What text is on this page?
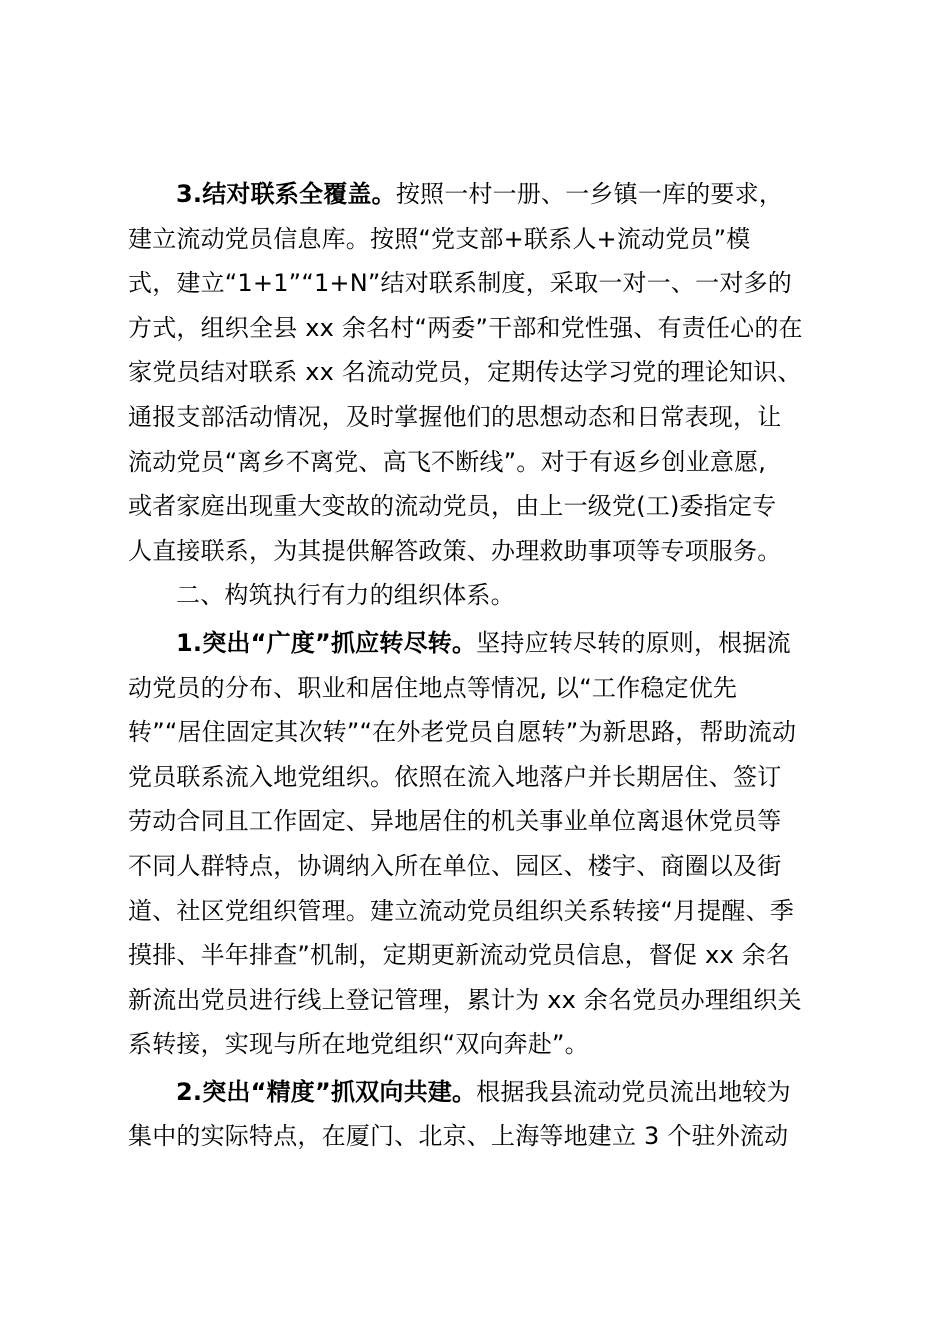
3.结对联系全覆盖。按照一村一册、一乡镇一库的要求，
建立流动党员信息库。按照“党支部+联系人+流动党员”模
式，建立“1+1”“1+N”结对联系制度，采取一对一、一对多的
方式，组织全县 xx 余名村“两委”干部和党性强、有责任心的在
家党员结对联系 xx 名流动党员，定期传达学习党的理论知识、
通报支部活动情况，及时掌握他们的思想动态和日常表现，让
流动党员“离乡不离党、高飞不断线”。对于有返乡创业意愿,
或者家庭出现重大变故的流动党员，由上一级党(工)委指定专
人直接联系，为其提供解答政策、办理救助事项等专项服务。
二、构筑执行有力的组织体系。
1.突出“广度”抓应转尽转。坚持应转尽转的原则，根据流
动党员的分布、职业和居住地点等情况, 以“工作稳定优先
转”“居住固定其次转”“在外老党员自愿转”为新思路，帮助流动
党员联系流入地党组织。依照在流入地落户并长期居住、签订
劳动合同且工作固定、异地居住的机关事业单位离退休党员等
不同人群特点，协调纳入所在单位、园区、楼宇、商圈以及街
道、社区党组织管理。建立流动党员组织关系转接“月提醒、季
摸排、半年排查”机制，定期更新流动党员信息，督促 xx 余名
新流出党员进行线上登记管理，累计为 xx 余名党员办理组织关
系转接，实现与所在地党组织“双向奔赴”。
2.突出“精度”抓双向共建。根据我县流动党员流出地较为
集中的实际特点，在厦门、北京、上海等地建立 3 个驻外流动
